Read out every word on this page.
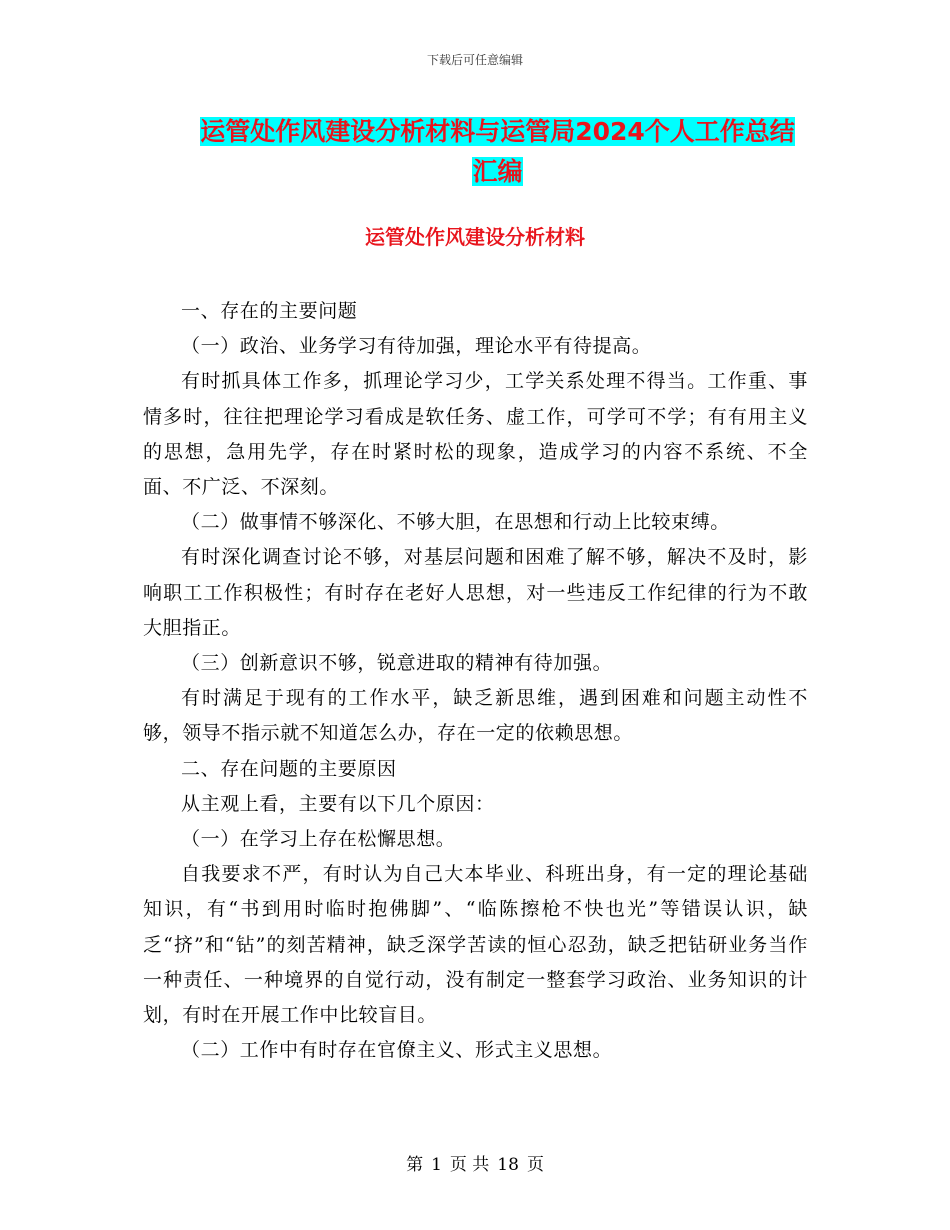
下载后可任意编辑
运管处作风建设分析材料与运管局2024个人工作总结
汇编
运管处作风建设分析材料

一、存在的主要问题

（一）政治、业务学习有待加强，理论水平有待提高。

有时抓具体工作多，抓理论学习少，工学关系处理不得当。工作重、事情多时，往往把理论学习看成是软任务、虚工作，可学可不学；有有用主义的思想，急用先学，存在时紧时松的现象，造成学习的内容不系统、不全面、不广泛、不深刻。

（二）做事情不够深化、不够大胆，在思想和行动上比较束缚。

有时深化调查讨论不够，对基层问题和困难了解不够，解决不及时，影响职工工作积极性；有时存在老好人思想，对一些违反工作纪律的行为不敢大胆指正。

（三）创新意识不够，锐意进取的精神有待加强。

有时满足于现有的工作水平，缺乏新思维，遇到困难和问题主动性不够，领导不指示就不知道怎么办，存在一定的依赖思想。

二、存在问题的主要原因

从主观上看，主要有以下几个原因：

（一）在学习上存在松懈思想。

自我要求不严，有时认为自己大本毕业、科班出身，有一定的理论基础知识，有“书到用时临时抱佛脚”、“临陈擦枪不快也光”等错误认识，缺乏“挤”和“钻”的刻苦精神，缺乏深学苦读的恒心忍劲，缺乏把钻研业务当作一种责任、一种境界的自觉行动，没有制定一整套学习政治、业务知识的计划，有时在开展工作中比较盲目。

（二）工作中有时存在官僚主义、形式主义思想。

第 1 页 共 18 页
